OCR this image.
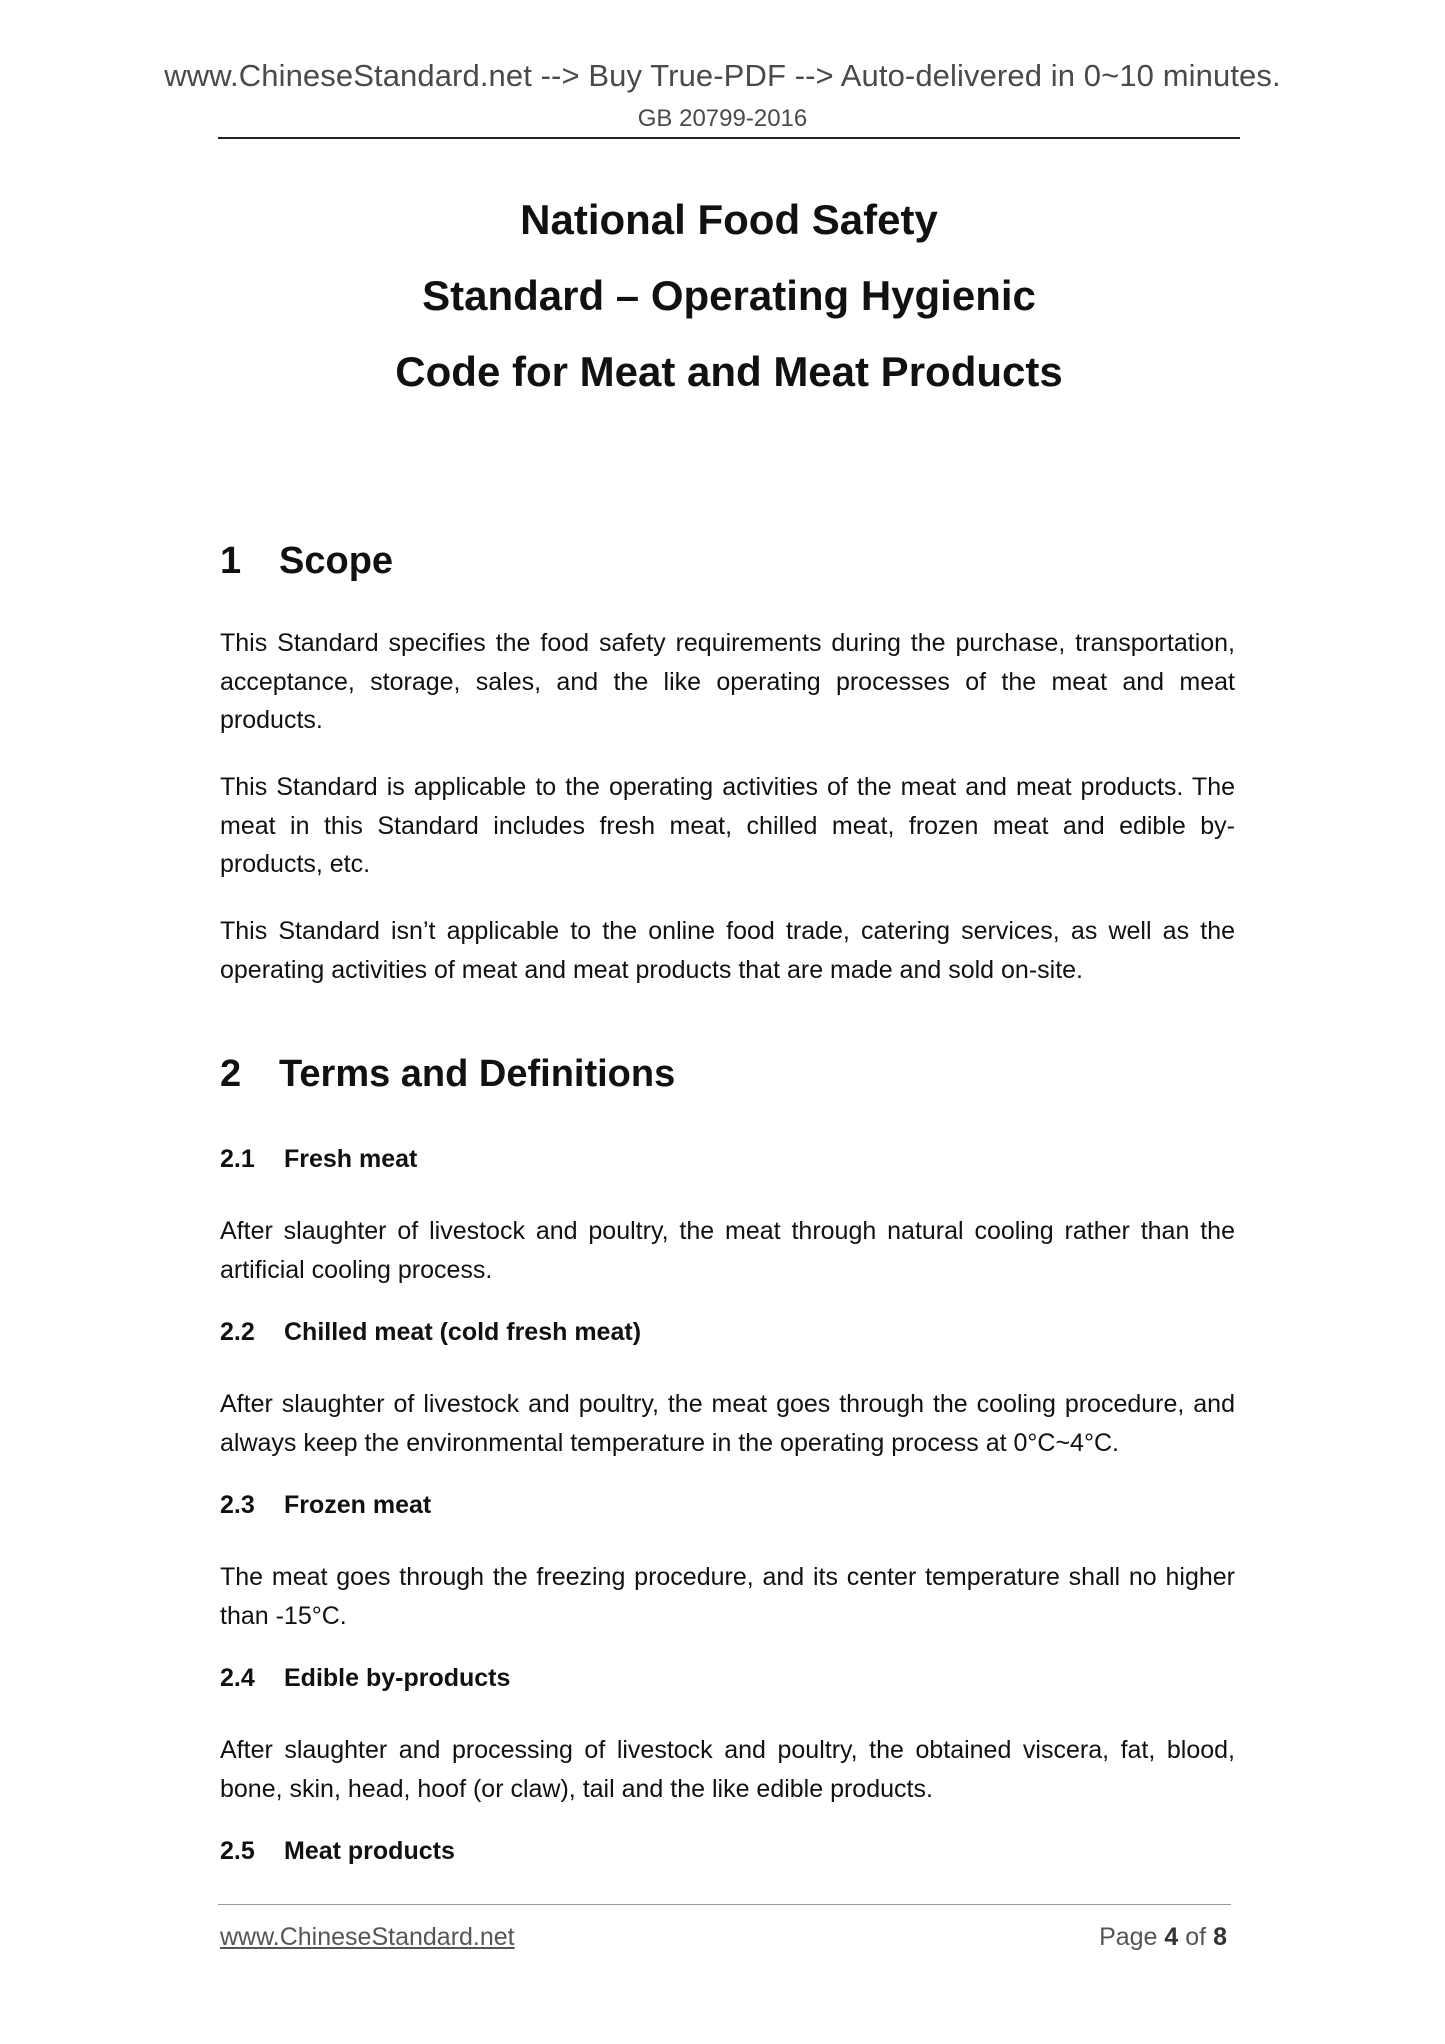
www.ChineseStandard.net --> Buy True-PDF --> Auto-delivered in 0~10 minutes.
GB 20799-2016
National Food Safety
Standard – Operating Hygienic
Code for Meat and Meat Products
1 Scope

This Standard specifies the food safety requirements during the purchase, transportation, acceptance, storage, sales, and the like operating processes of the meat and meat products.

This Standard is applicable to the operating activities of the meat and meat products. The meat in this Standard includes fresh meat, chilled meat, frozen meat and edible by-products, etc.

This Standard isn’t applicable to the online food trade, catering services, as well as the operating activities of meat and meat products that are made and sold on-site.

2 Terms and Definitions
2.1 Fresh meat

After slaughter of livestock and poultry, the meat through natural cooling rather than the artificial cooling process.

2.2 Chilled meat (cold fresh meat)

After slaughter of livestock and poultry, the meat goes through the cooling procedure, and always keep the environmental temperature in the operating process at 0°C~4°C.

2.3 Frozen meat

The meat goes through the freezing procedure, and its center temperature shall no higher than -15°C.

2.4 Edible by-products

After slaughter and processing of livestock and poultry, the obtained viscera, fat, blood, bone, skin, head, hoof (or claw), tail and the like edible products.

2.5 Meat products
www.ChineseStandard.net	Page 4 of 8
